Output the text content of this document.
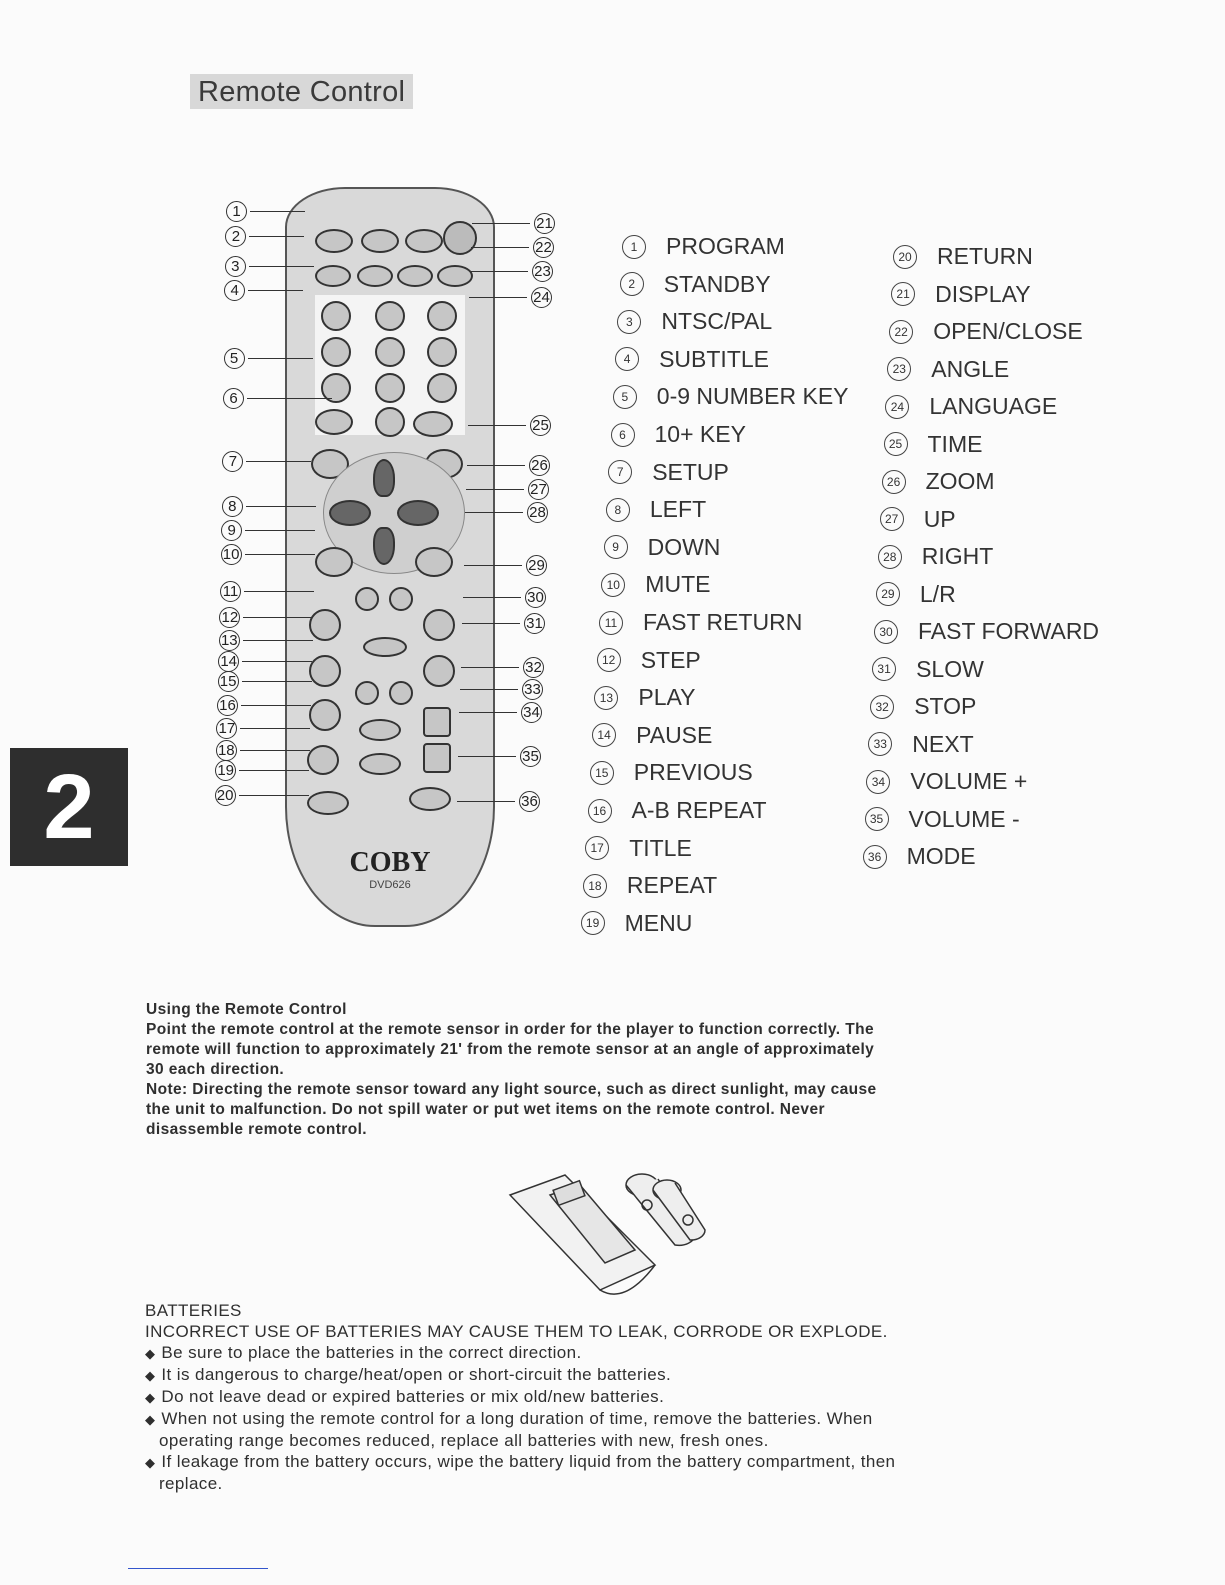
Remote Control
2
COBY
DVD626
1
2
3
4
5
6
7
8
9
10
11
12
13
14
15
16
17
18
19
20
21
22
23
24
25
26
27
28
29
30
31
32
33
34
35
36
1	PROGRAM
2	STANDBY
3	NTSC/PAL
4	SUBTITLE
5	0-9 NUMBER KEY
6	10+ KEY
7	SETUP
8	LEFT
9	DOWN
10 MUTE
11 FAST RETURN
12 STEP
13 PLAY
14 PAUSE
15 PREVIOUS
16 A-B REPEAT
17 TITLE
18 REPEAT
19 MENU
20 RETURN
21 DISPLAY
22 OPEN/CLOSE
23 ANGLE
24 LANGUAGE
25 TIME
26 ZOOM
27 UP
28 RIGHT
29 L/R
30 FAST FORWARD
31 SLOW
32 STOP
33 NEXT
34 VOLUME +
35 VOLUME -
36 MODE
Using the Remote Control
Point the remote control at the remote sensor in order for the player to function correctly. The
remote will function to approximately 21' from the remote sensor at an angle of approximately
30 each direction.
Note: Directing the remote sensor toward any light source, such as direct sunlight, may cause
the unit to malfunction. Do not spill water or put wet items on the remote control. Never
disassemble remote control.
BATTERIES
INCORRECT USE OF BATTERIES MAY CAUSE THEM TO LEAK, CORRODE OR EXPLODE.
◆ Be sure to place the batteries in the correct direction.
◆ It is dangerous to charge/heat/open or short-circuit the batteries.
◆ Do not leave dead or expired batteries or mix old/new batteries.
◆ When not using the remote control for a long duration of time, remove the batteries. When
operating range becomes reduced, replace all batteries with new, fresh ones.
◆ If leakage from the battery occurs, wipe the battery liquid from the battery compartment, then
replace.
